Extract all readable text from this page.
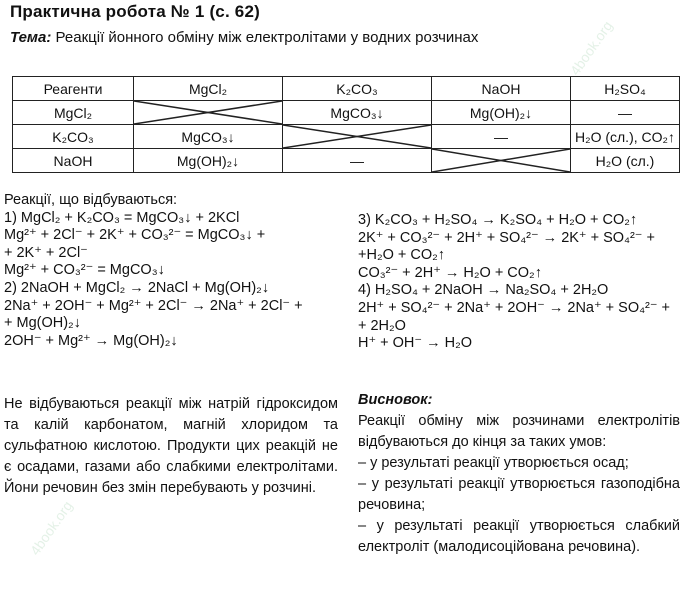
Практична робота № 1 (с. 62)
Тема: Реакції йонного обміну між електролітами у водних розчинах
Реагенти	MgCl₂	K₂CO₃	NaOH	H₂SO₄
MgCl₂		MgCO₃↓	Mg(OH)₂↓	—
K₂CO₃	MgCO₃↓		—	H₂O (сл.), CO₂↑
NaOH	Mg(OH)₂↓	—		H₂O (сл.)
Реакції, що відбуваються:
1) MgCl₂ + K₂CO₃ = MgCO₃↓ + 2KCl
Mg²⁺ + 2Cl⁻ + 2K⁺ + CO₃²⁻ = MgCO₃↓ +
+ 2K⁺ + 2Cl⁻
Mg²⁺ + CO₃²⁻ = MgCO₃↓
2) 2NaOH + MgCl₂ → 2NaCl + Mg(OH)₂↓
2Na⁺ + 2OH⁻ + Mg²⁺ + 2Cl⁻ → 2Na⁺ + 2Cl⁻ +
+ Mg(OH)₂↓
2OH⁻ + Mg²⁺ → Mg(OH)₂↓
3) K₂CO₃ + H₂SO₄ → K₂SO₄ + H₂O + CO₂↑
2K⁺ + CO₃²⁻ + 2H⁺ + SO₄²⁻ → 2K⁺ + SO₄²⁻ +
+H₂O + CO₂↑
CO₃²⁻ + 2H⁺ → H₂O + CO₂↑
4) H₂SO₄ + 2NaOH → Na₂SO₄ + 2H₂O
2H⁺ + SO₄²⁻ + 2Na⁺ + 2OH⁻ → 2Na⁺ + SO₄²⁻ +
+ 2H₂O
H⁺ + OH⁻ → H₂O
Не відбуваються реакції між натрій гідроксидом та калій карбонатом, магній хлоридом та сульфатною кислотою. Продукти цих реакцій не є осадами, газами або слабкими електролітами. Йони речовин без змін перебувають у розчині.
Висновок:
Реакції обміну між розчинами електролітів відбуваються до кінця за таких умов:
– у результаті реакції утворюється осад;
– у результаті реакції утворюється газоподібна речовина;
– у результаті реакції утворюється слабкий електроліт (малодисоційована речовина).
4book.org
4book.org
